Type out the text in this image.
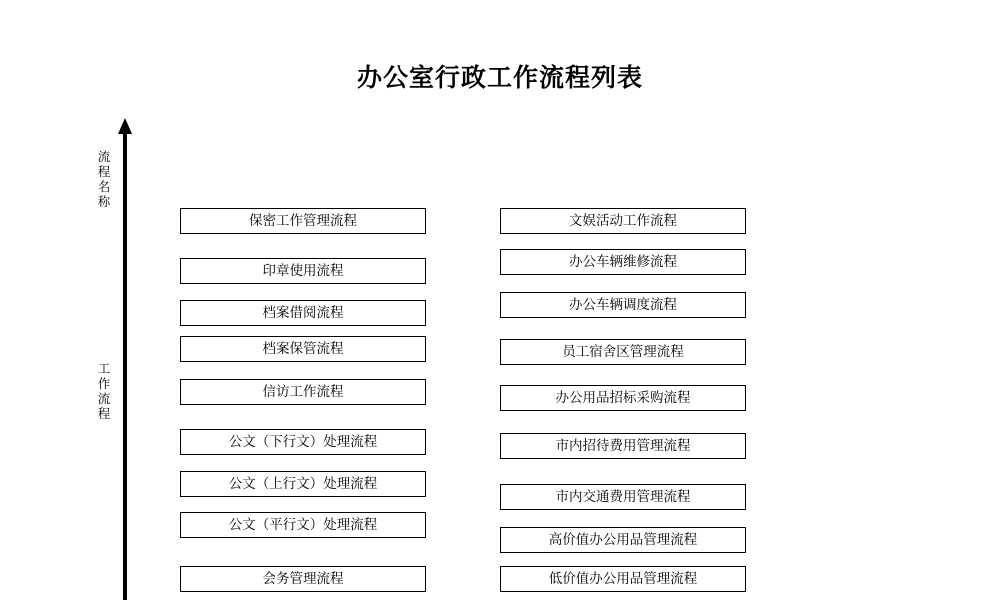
办公室行政工作流程列表
流程名称
工作流程
保密工作管理流程
印章使用流程
档案借阅流程
档案保管流程
信访工作流程
公文（下行文）处理流程
公文（上行文）处理流程
公文（平行文）处理流程
会务管理流程
文娱活动工作流程
办公车辆维修流程
办公车辆调度流程
员工宿舍区管理流程
办公用品招标采购流程
市内招待费用管理流程
市内交通费用管理流程
高价值办公用品管理流程
低价值办公用品管理流程
